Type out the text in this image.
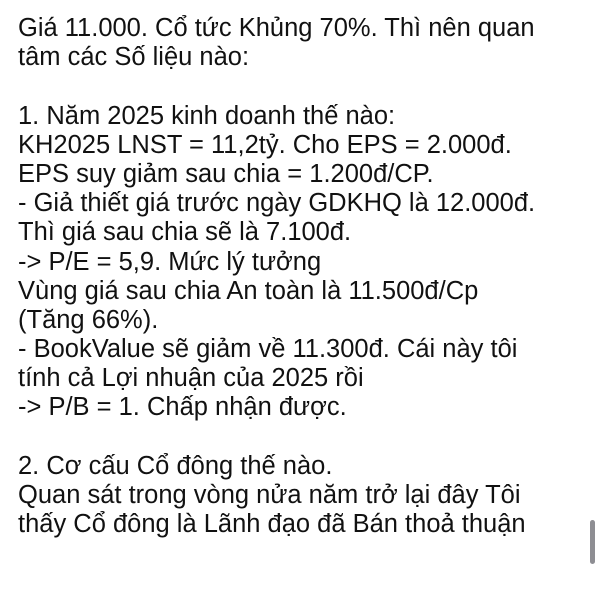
Giá 11.000. Cổ tức Khủng 70%. Thì nên quan
tâm các Số liệu nào:
1. Năm 2025 kinh doanh thế nào:
KH2025 LNST = 11,2tỷ. Cho EPS = 2.000đ.
EPS suy giảm sau chia = 1.200đ/CP.
- Giả thiết giá trước ngày GDKHQ là 12.000đ.
Thì giá sau chia sẽ là 7.100đ.
-> P/E = 5,9. Mức lý tưởng
Vùng giá sau chia An toàn là 11.500đ/Cp
(Tăng 66%).
- BookValue sẽ giảm về 11.300đ. Cái này tôi
tính cả Lợi nhuận của 2025 rồi
-> P/B = 1. Chấp nhận được.
2. Cơ cấu Cổ đông thế nào.
Quan sát trong vòng nửa năm trở lại đây Tôi
thấy Cổ đông là Lãnh đạo đã Bán thoả thuận
